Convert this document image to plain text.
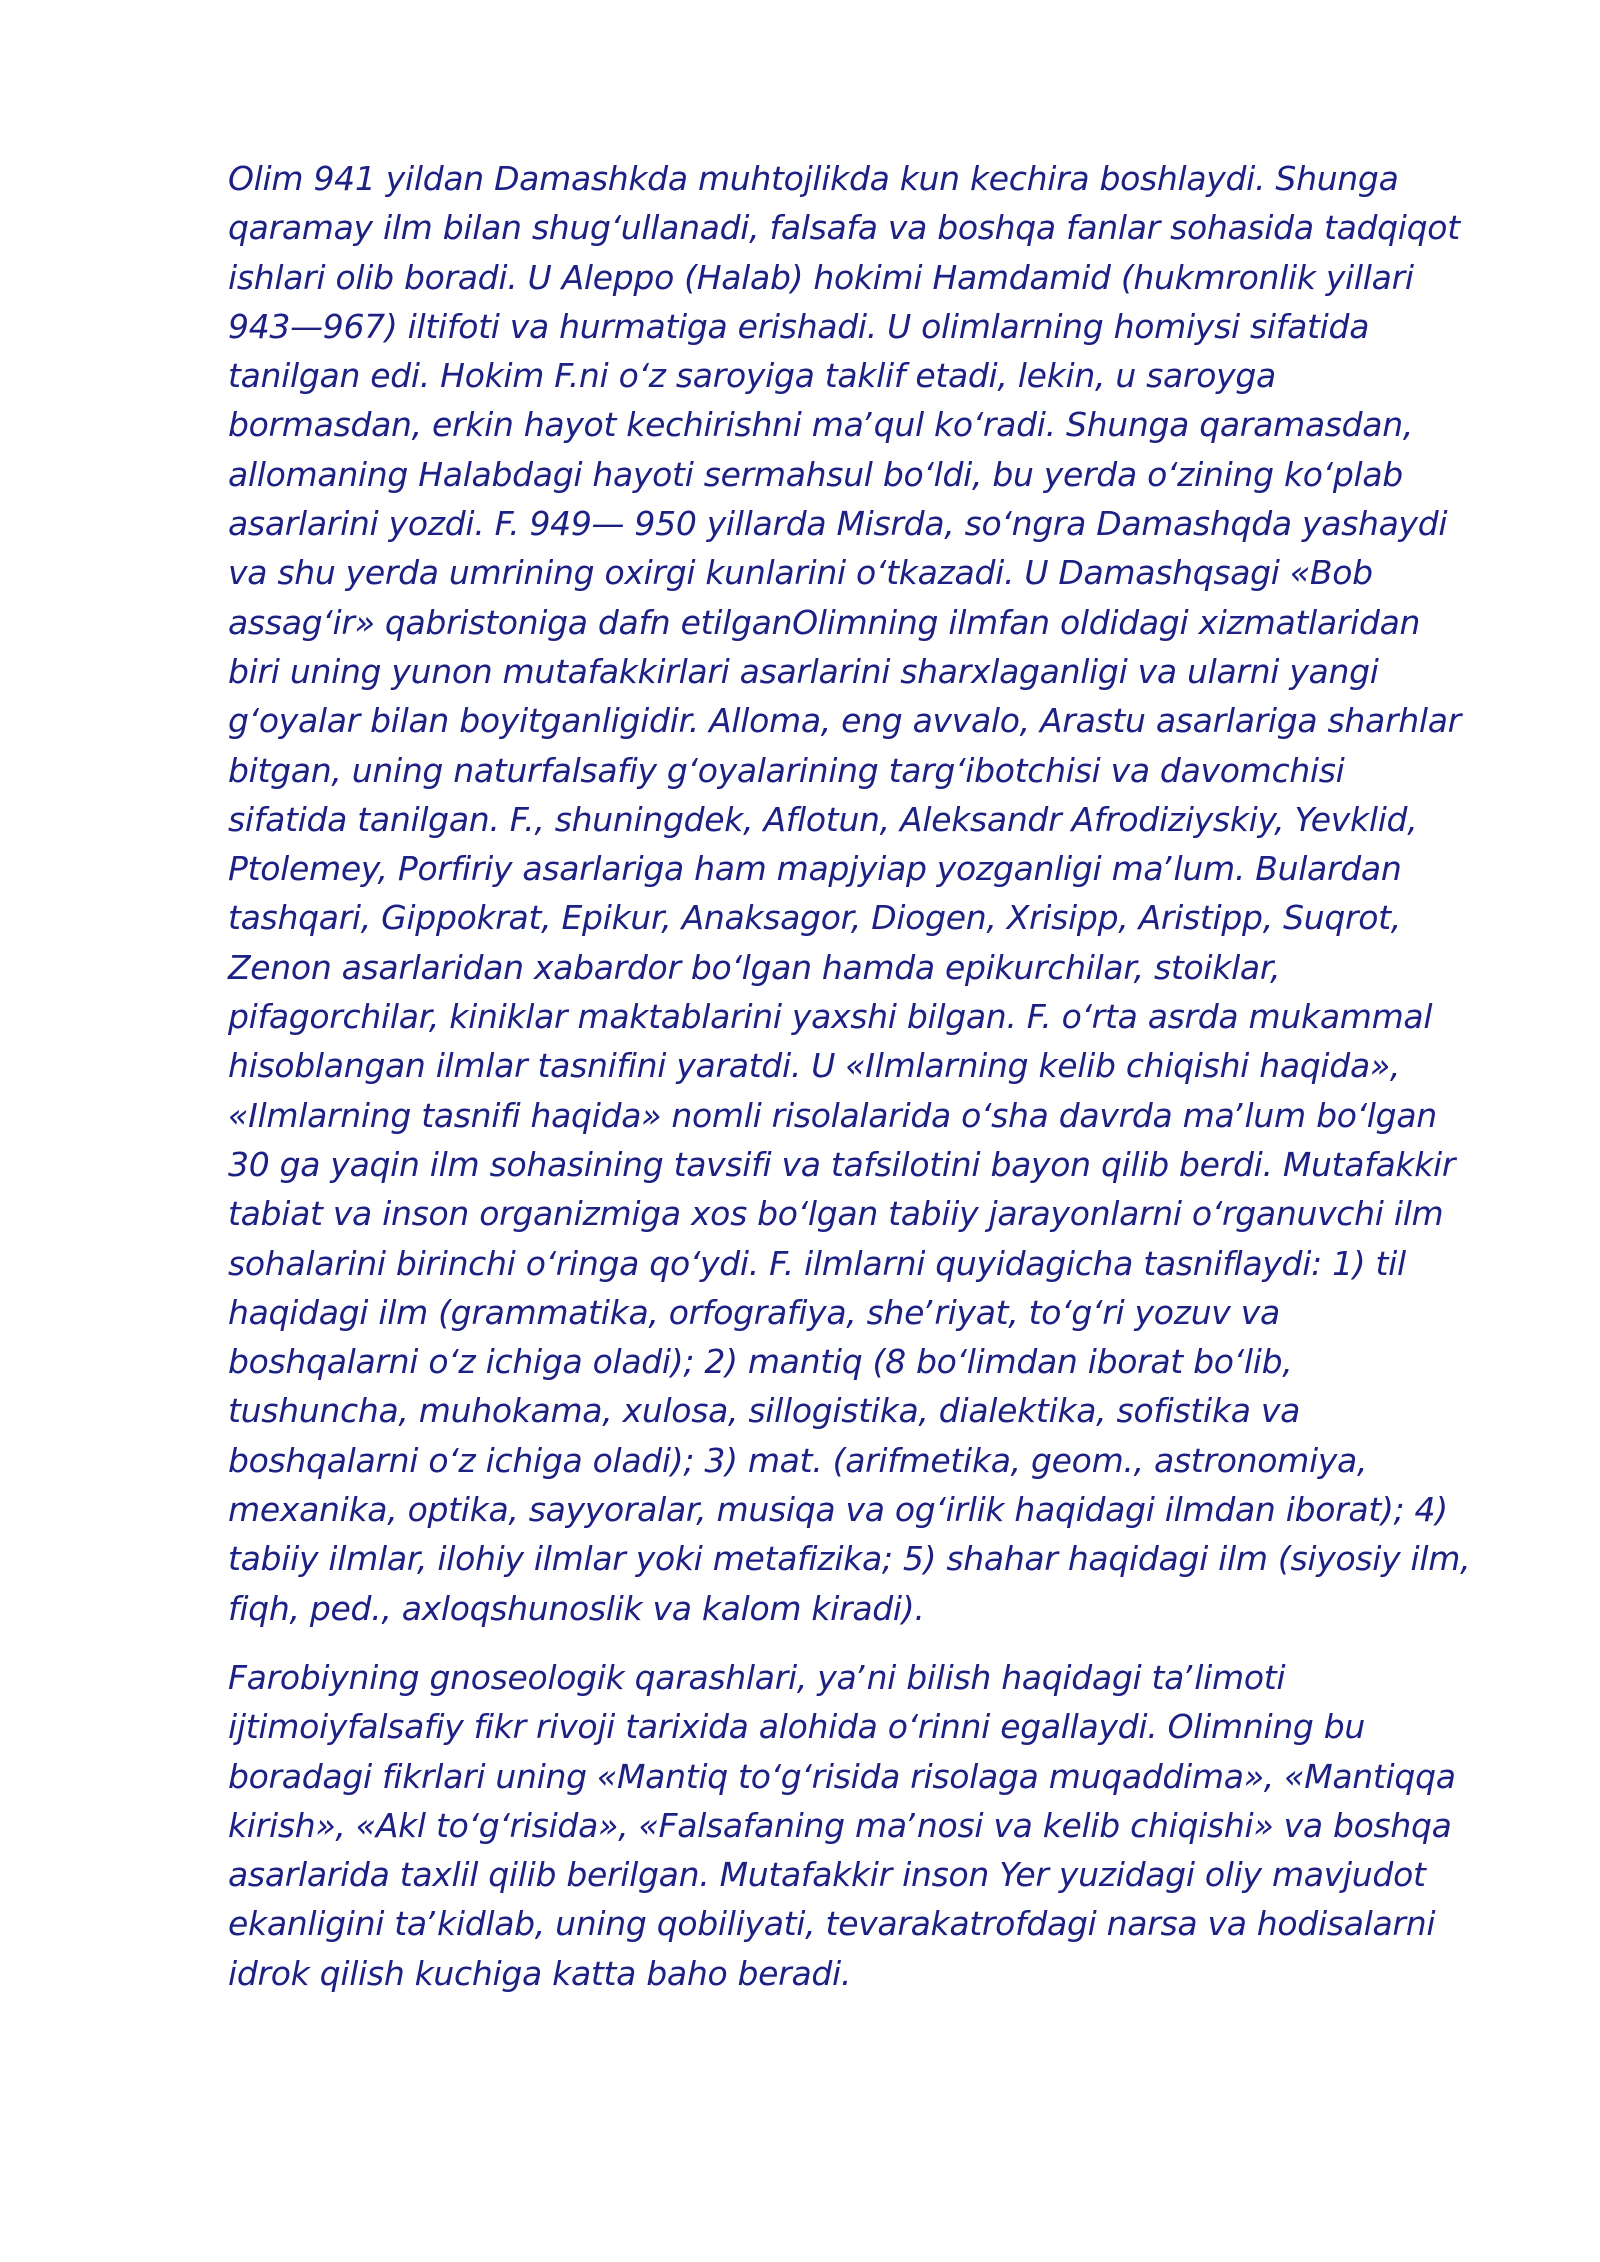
Olim 941 yildan Damashkda muhtojlikda kun kechira boshlaydi. Shunga qaramay ilm bilan shugʻullanadi, falsafa va boshqa fanlar sohasida tadqiqot ishlari olib boradi. U Aleppo (Halab) hokimi Hamdamid (hukmronlik yillari 943—967) iltifoti va hurmatiga erishadi. U olimlarning homiysi sifatida tanilgan edi. Hokim F.ni oʻz saroyiga taklif etadi, lekin, u saroyga bormasdan, erkin hayot kechirishni maʼqul koʻradi. Shunga qaramasdan, allomaning Halabdagi hayoti sermahsul boʻldi, bu yerda oʻzining koʻplab asarlarini yozdi. F. 949— 950 yillarda Misrda, soʻngra Damashqda yashaydi va shu yerda umrining oxirgi kunlarini oʻtkazadi. U Damashqsagi «Bob assagʻir» qabristoniga dafn etilganOlimning ilmfan oldidagi xizmatlaridan biri uning yunon mutafakkirlari asarlarini sharxlaganligi va ularni yangi gʻoyalar bilan boyitganligidir. Alloma, eng avvalo, Arastu asarlariga sharhlar bitgan, uning naturfalsafiy gʻoyalarining targʻibotchisi va davomchisi sifatida tanilgan. F., shuningdek, Aflotun, Aleksandr Afrodiziyskiy, Yevklid, Ptolemey, Porfiriy asarlariga ham mapjyiap yozganligi maʼlum. Bulardan tashqari, Gippokrat, Epikur, Anaksagor, Diogen, Xrisipp, Aristipp, Suqrot, Zenon asarlaridan xabardor boʻlgan hamda epikurchilar, stoiklar, pifagorchilar, kiniklar maktablarini yaxshi bilgan. F. oʻrta asrda mukammal hisoblangan ilmlar tasnifini yaratdi. U «Ilmlarning kelib chiqishi haqida», «Ilmlarning tasnifi haqida» nomli risolalarida oʻsha davrda maʼlum boʻlgan 30 ga yaqin ilm sohasining tavsifi va tafsilotini bayon qilib berdi. Mutafakkir tabiat va inson organizmiga xos boʻlgan tabiiy jarayonlarni oʻrganuvchi ilm sohalarini birinchi oʻringa qoʻydi. F. ilmlarni quyidagicha tasniflaydi: 1) til haqidagi ilm (grammatika, orfografiya, sheʼriyat, toʻgʻri yozuv va boshqalarni oʻz ichiga oladi); 2) mantiq (8 boʻlimdan iborat boʻlib, tushuncha, muhokama, xulosa, sillogistika, dialektika, sofistika va boshqalarni oʻz ichiga oladi); 3) mat. (arifmetika, geom., astronomiya, mexanika, optika, sayyoralar, musiqa va ogʻirlik haqidagi ilmdan iborat); 4) tabiiy ilmlar, ilohiy ilmlar yoki metafizika; 5) shahar haqidagi ilm (siyosiy ilm, fiqh, ped., axloqshunoslik va kalom kiradi).

Farobiyning gnoseologik qarashlari, yaʼni bilish haqidagi taʼlimoti ijtimoiyfalsafiy fikr rivoji tarixida alohida oʻrinni egallaydi. Olimning bu boradagi fikrlari uning «Mantiq toʻgʻrisida risolaga muqaddima», «Mantiqqa kirish», «Akl toʻgʻrisida», «Falsafaning maʼnosi va kelib chiqishi» va boshqa asarlarida taxlil qilib berilgan. Mutafakkir inson Yer yuzidagi oliy mavjudot ekanligini taʼkidlab, uning qobiliyati, tevarakatrofdagi narsa va hodisalarni idrok qilish kuchiga katta baho beradi.
